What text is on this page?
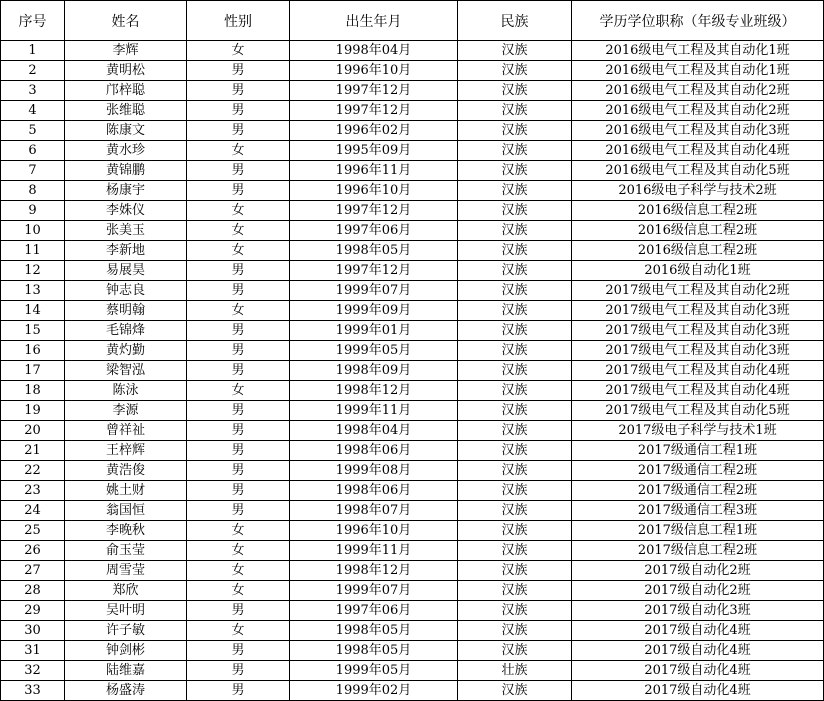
序号	姓名	性别	出生年月	民族	学历学位职称（年级专业班级）
1	李辉	女	1998年04月	汉族	2016级电气工程及其自动化1班
2	黄明松	男	1996年10月	汉族	2016级电气工程及其自动化1班
3	邝梓聪	男	1997年12月	汉族	2016级电气工程及其自动化2班
4	张维聪	男	1997年12月	汉族	2016级电气工程及其自动化2班
5	陈康文	男	1996年02月	汉族	2016级电气工程及其自动化3班
6	黄水珍	女	1995年09月	汉族	2016级电气工程及其自动化4班
7	黄锦鹏	男	1996年11月	汉族	2016级电气工程及其自动化5班
8	杨康宇	男	1996年10月	汉族	2016级电子科学与技术2班
9	李姝仪	女	1997年12月	汉族	2016级信息工程2班
10	张美玉	女	1997年06月	汉族	2016级信息工程2班
11	李新地	女	1998年05月	汉族	2016级信息工程2班
12	易展昊	男	1997年12月	汉族	2016级自动化1班
13	钟志良	男	1999年07月	汉族	2017级电气工程及其自动化2班
14	蔡明翰	女	1999年09月	汉族	2017级电气工程及其自动化3班
15	毛锦烽	男	1999年01月	汉族	2017级电气工程及其自动化3班
16	黄灼勤	男	1999年05月	汉族	2017级电气工程及其自动化3班
17	梁智泓	男	1998年09月	汉族	2017级电气工程及其自动化4班
18	陈泳	女	1998年12月	汉族	2017级电气工程及其自动化4班
19	李源	男	1999年11月	汉族	2017级电气工程及其自动化5班
20	曾祥祉	男	1998年04月	汉族	2017级电子科学与技术1班
21	王梓辉	男	1998年06月	汉族	2017级通信工程1班
22	黄浩俊	男	1999年08月	汉族	2017级通信工程2班
23	姚土财	男	1998年06月	汉族	2017级通信工程2班
24	翁国恒	男	1998年07月	汉族	2017级通信工程3班
25	李晚秋	女	1996年10月	汉族	2017级信息工程1班
26	俞玉莹	女	1999年11月	汉族	2017级信息工程2班
27	周雪莹	女	1998年12月	汉族	2017级自动化2班
28	郑欣	女	1999年07月	汉族	2017级自动化2班
29	吴叶明	男	1997年06月	汉族	2017级自动化3班
30	许子敏	女	1998年05月	汉族	2017级自动化4班
31	钟剑彬	男	1998年05月	汉族	2017级自动化4班
32	陆维嘉	男	1999年05月	壮族	2017级自动化4班
33	杨盛涛	男	1999年02月	汉族	2017级自动化4班
